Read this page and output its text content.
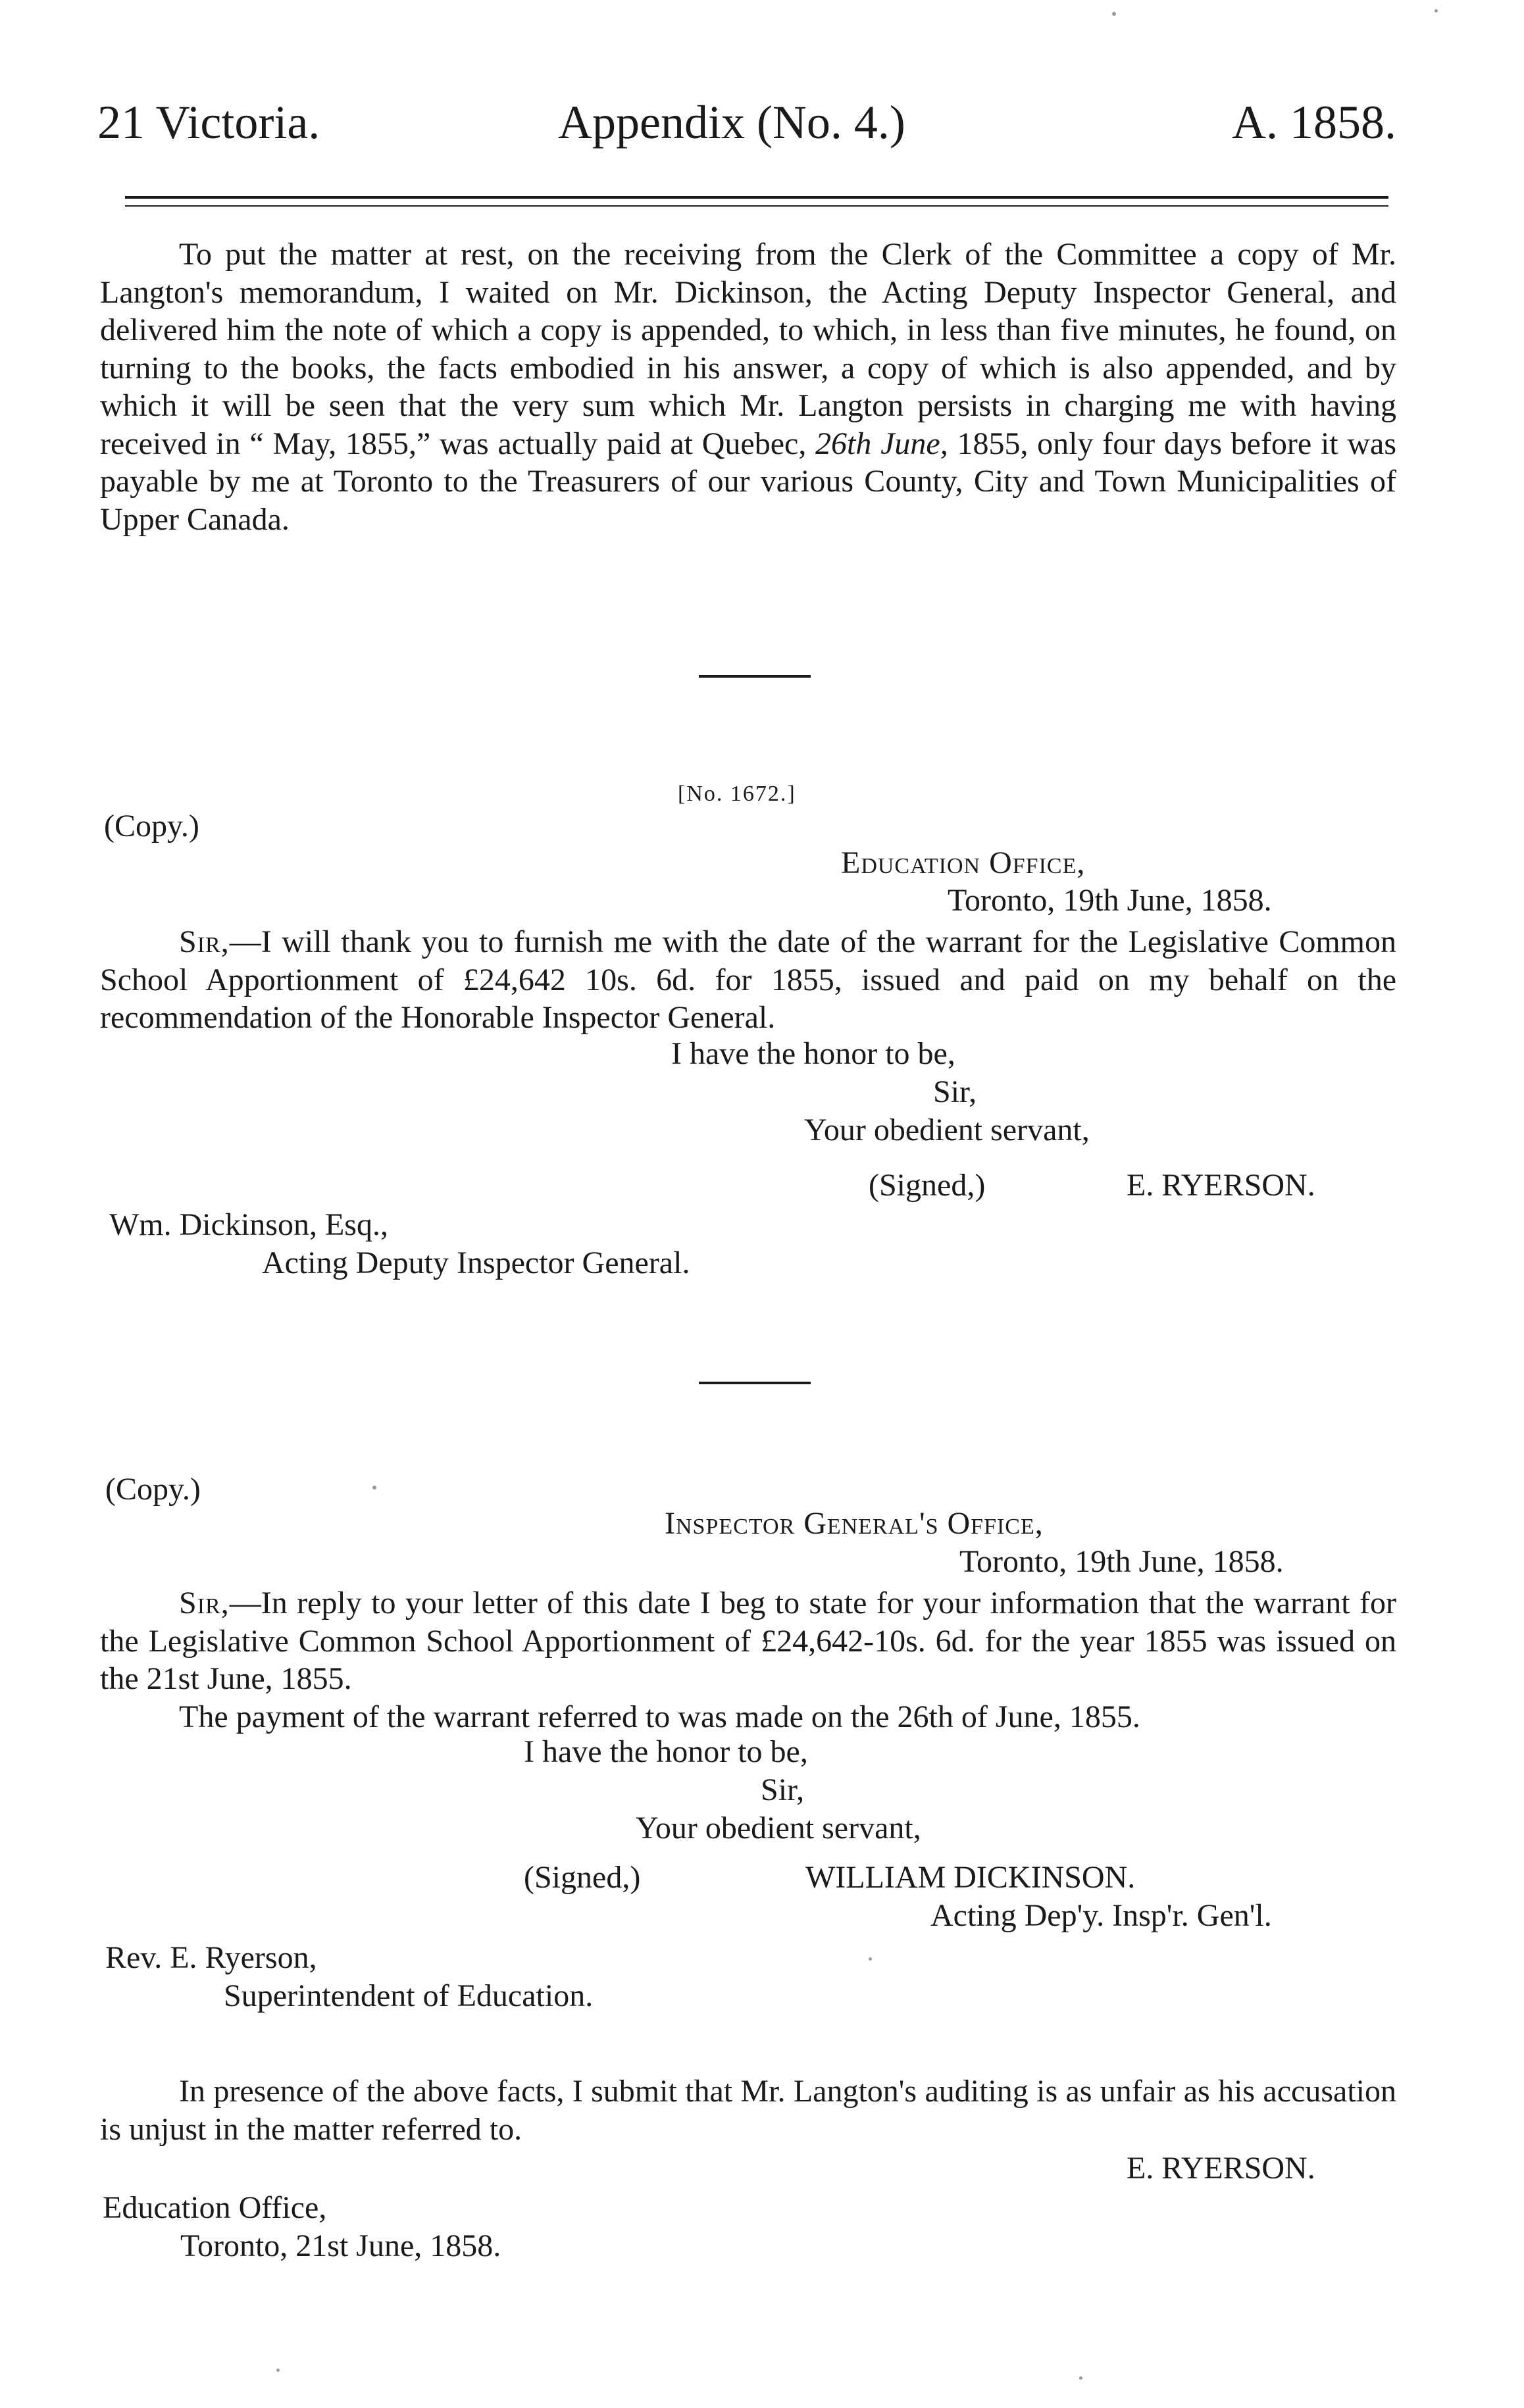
21 Victoria.	Appendix (No. 4.)	A. 1858.
To put the matter at rest, on the receiving from the Clerk of the Committee a copy of Mr. Langton's memorandum, I waited on Mr. Dickinson, the Acting Deputy Inspector General, and delivered him the note of which a copy is appended, to which, in less than five minutes, he found, on turning to the books, the facts embodied in his answer, a copy of which is also appended, and by which it will be seen that the very sum which Mr. Langton persists in charging me with having received in “ May, 1855,” was actually paid at Quebec, 26th June, 1855, only four days before it was payable by me at Toronto to the Treasurers of our various County, City and Town Municipalities of Upper Canada.
[No. 1672.]
(Copy.)
Education Office,
Toronto, 19th June, 1858.
Sir,—I will thank you to furnish me with the date of the warrant for the Legislative Common School Apportionment of £24,642 10s. 6d. for 1855, issued and paid on my behalf on the recommendation of the Honorable Inspector General.
I have the honor to be,
Sir,
Your obedient servant,
(Signed,)	E. RYERSON.
Wm. Dickinson, Esq.,
Acting Deputy Inspector General.
(Copy.)
Inspector General's Office,
Toronto, 19th June, 1858.
Sir,—In reply to your letter of this date I beg to state for your information that the warrant for the Legislative Common School Apportionment of £24,642-10s. 6d. for the year 1855 was issued on the 21st June, 1855.
The payment of the warrant referred to was made on the 26th of June, 1855.
I have the honor to be,
Sir,
Your obedient servant,
(Signed,)	WILLIAM DICKINSON.
Acting Dep'y. Insp'r. Gen'l.
Rev. E. Ryerson,
Superintendent of Education.
In presence of the above facts, I submit that Mr. Langton's auditing is as unfair as his accusation is unjust in the matter referred to.
E. RYERSON.
Education Office,
Toronto, 21st June, 1858.
